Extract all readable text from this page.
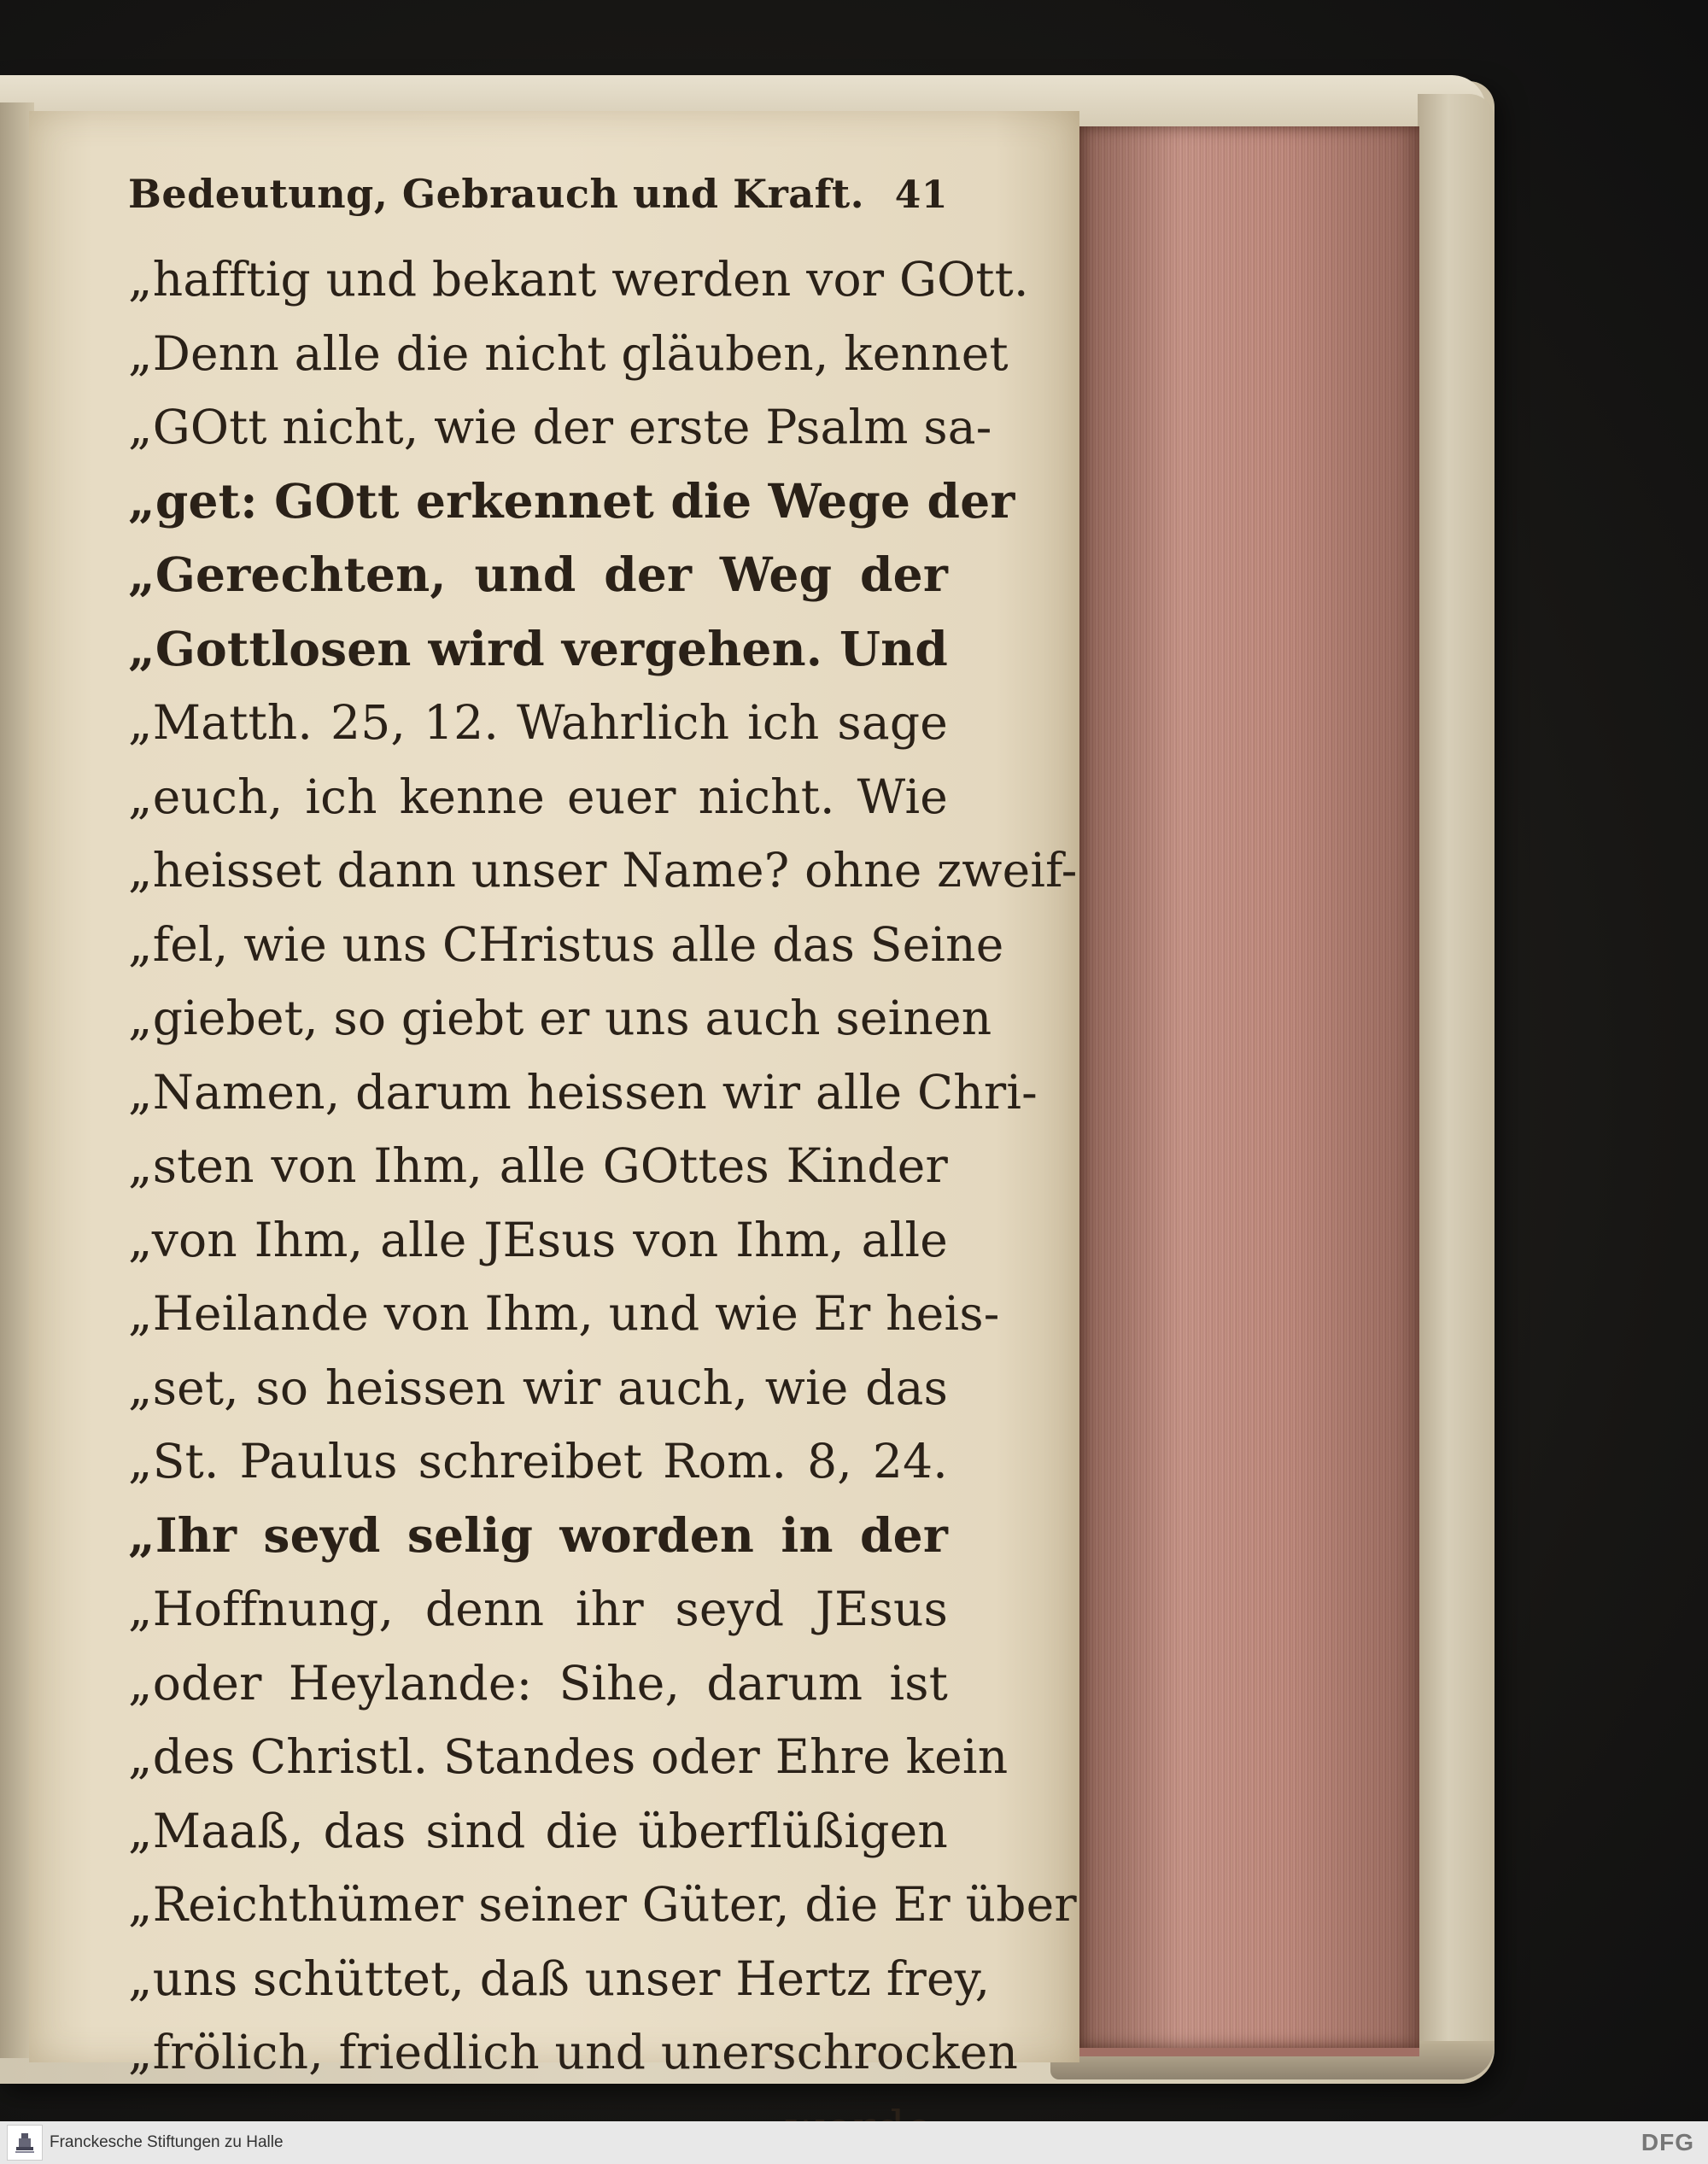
Bedeutung, Gebrauch und Kraft. 41
„hafftig und bekant werden vor GOtt.
„Denn alle die nicht gläuben, kennet
„GOtt nicht, wie der erste Psalm sa-
„get: GOtt erkennet die Wege der
„Gerechten, und der Weg der
„Gottlosen wird vergehen. Und
„Matth. 25, 12. Wahrlich ich sage
„euch, ich kenne euer nicht. Wie
„heisset dann unser Name? ohne zweif-
„fel, wie uns CHristus alle das Seine
„giebet, so giebt er uns auch seinen
„Namen, darum heissen wir alle Chri-
„sten von Ihm, alle GOttes Kinder
„von Ihm, alle JEsus von Ihm, alle
„Heilande von Ihm, und wie Er heis-
„set, so heissen wir auch, wie das
„St. Paulus schreibet Rom. 8, 24.
„Ihr seyd selig worden in der
„Hoffnung, denn ihr seyd JEsus
„oder Heylande: Sihe, darum ist
„des Christl. Standes oder Ehre kein
„Maaß, das sind die überflüßigen
„Reichthümer seiner Güter, die Er über
„uns schüttet, daß unser Hertz frey,
„frölich, friedlich und unerschrocken
Franckesche Stiftungen zu Halle	DFG
